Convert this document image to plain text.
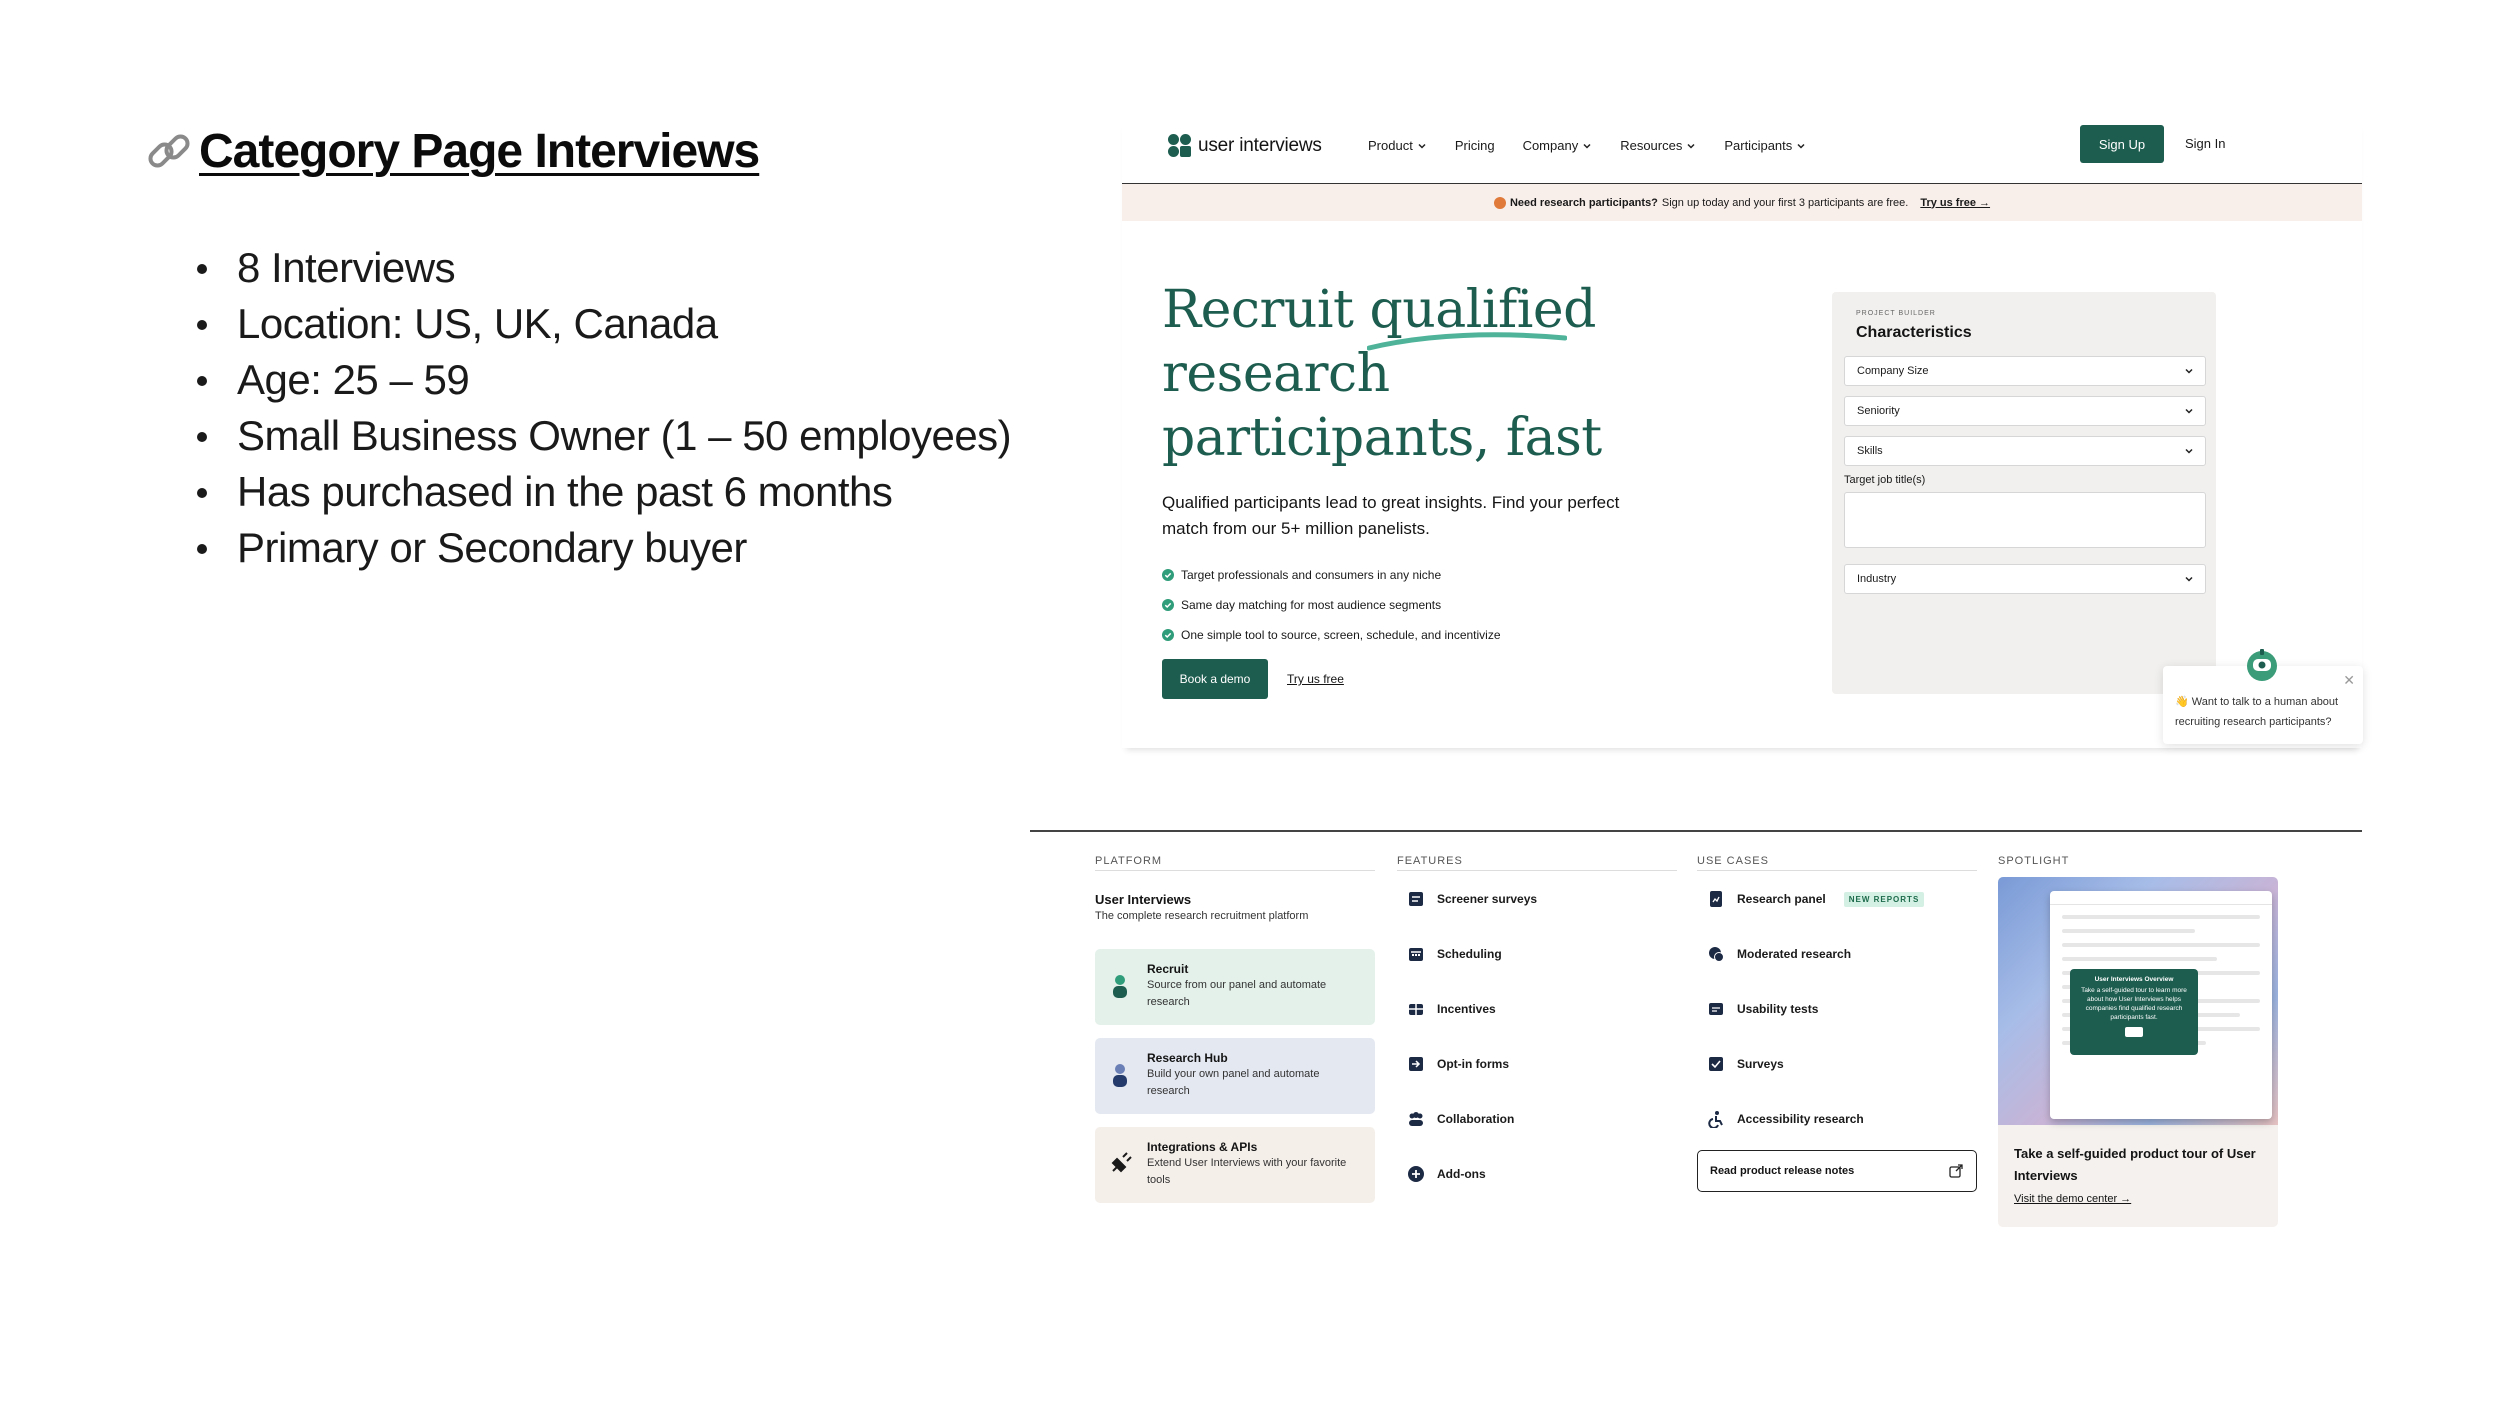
Category Page Interviews
8 Interviews
Location: US, UK, Canada
Age: 25 – 59
Small Business Owner (1 – 50 employees)
Has purchased in the past 6 months
Primary or Secondary buyer
user interviews	Product	Pricing Company	Resources	Participants	Sign Up	Sign In
Need research participants? Sign up today and your first 3 participants are free. Try us free →
Recruit qualified
research
participants, fast
Qualified participants lead to great insights. Find your perfect match from our 5+ million panelists.
Target professionals and consumers in any niche
Same day matching for most audience segments
One simple tool to source, screen, schedule, and incentivize
Book a demo	Try us free
PROJECT BUILDER
Characteristics
Company Size
Seniority
Skills
Target job title(s)
Industry
✕
👋 Want to talk to a human about recruiting research participants?
PLATFORM	FEATURES	USE CASES	SPOTLIGHT
User Interviews
The complete research recruitment platform
Recruit
Source from our panel and automate research
Research Hub
Build your own panel and automate research
Integrations & APIs
Extend User Interviews with your favorite tools
Screener surveys
Scheduling
Incentives
Opt-in forms
Collaboration
Add-ons
Research panel	NEW REPORTS
Moderated research
Usability tests
Surveys
Accessibility research
Read product release notes
User Interviews Overview
Take a self-guided tour to learn more about how User Interviews helps companies find qualified research participants fast.
Take a self-guided product tour of User Interviews
Visit the demo center →
